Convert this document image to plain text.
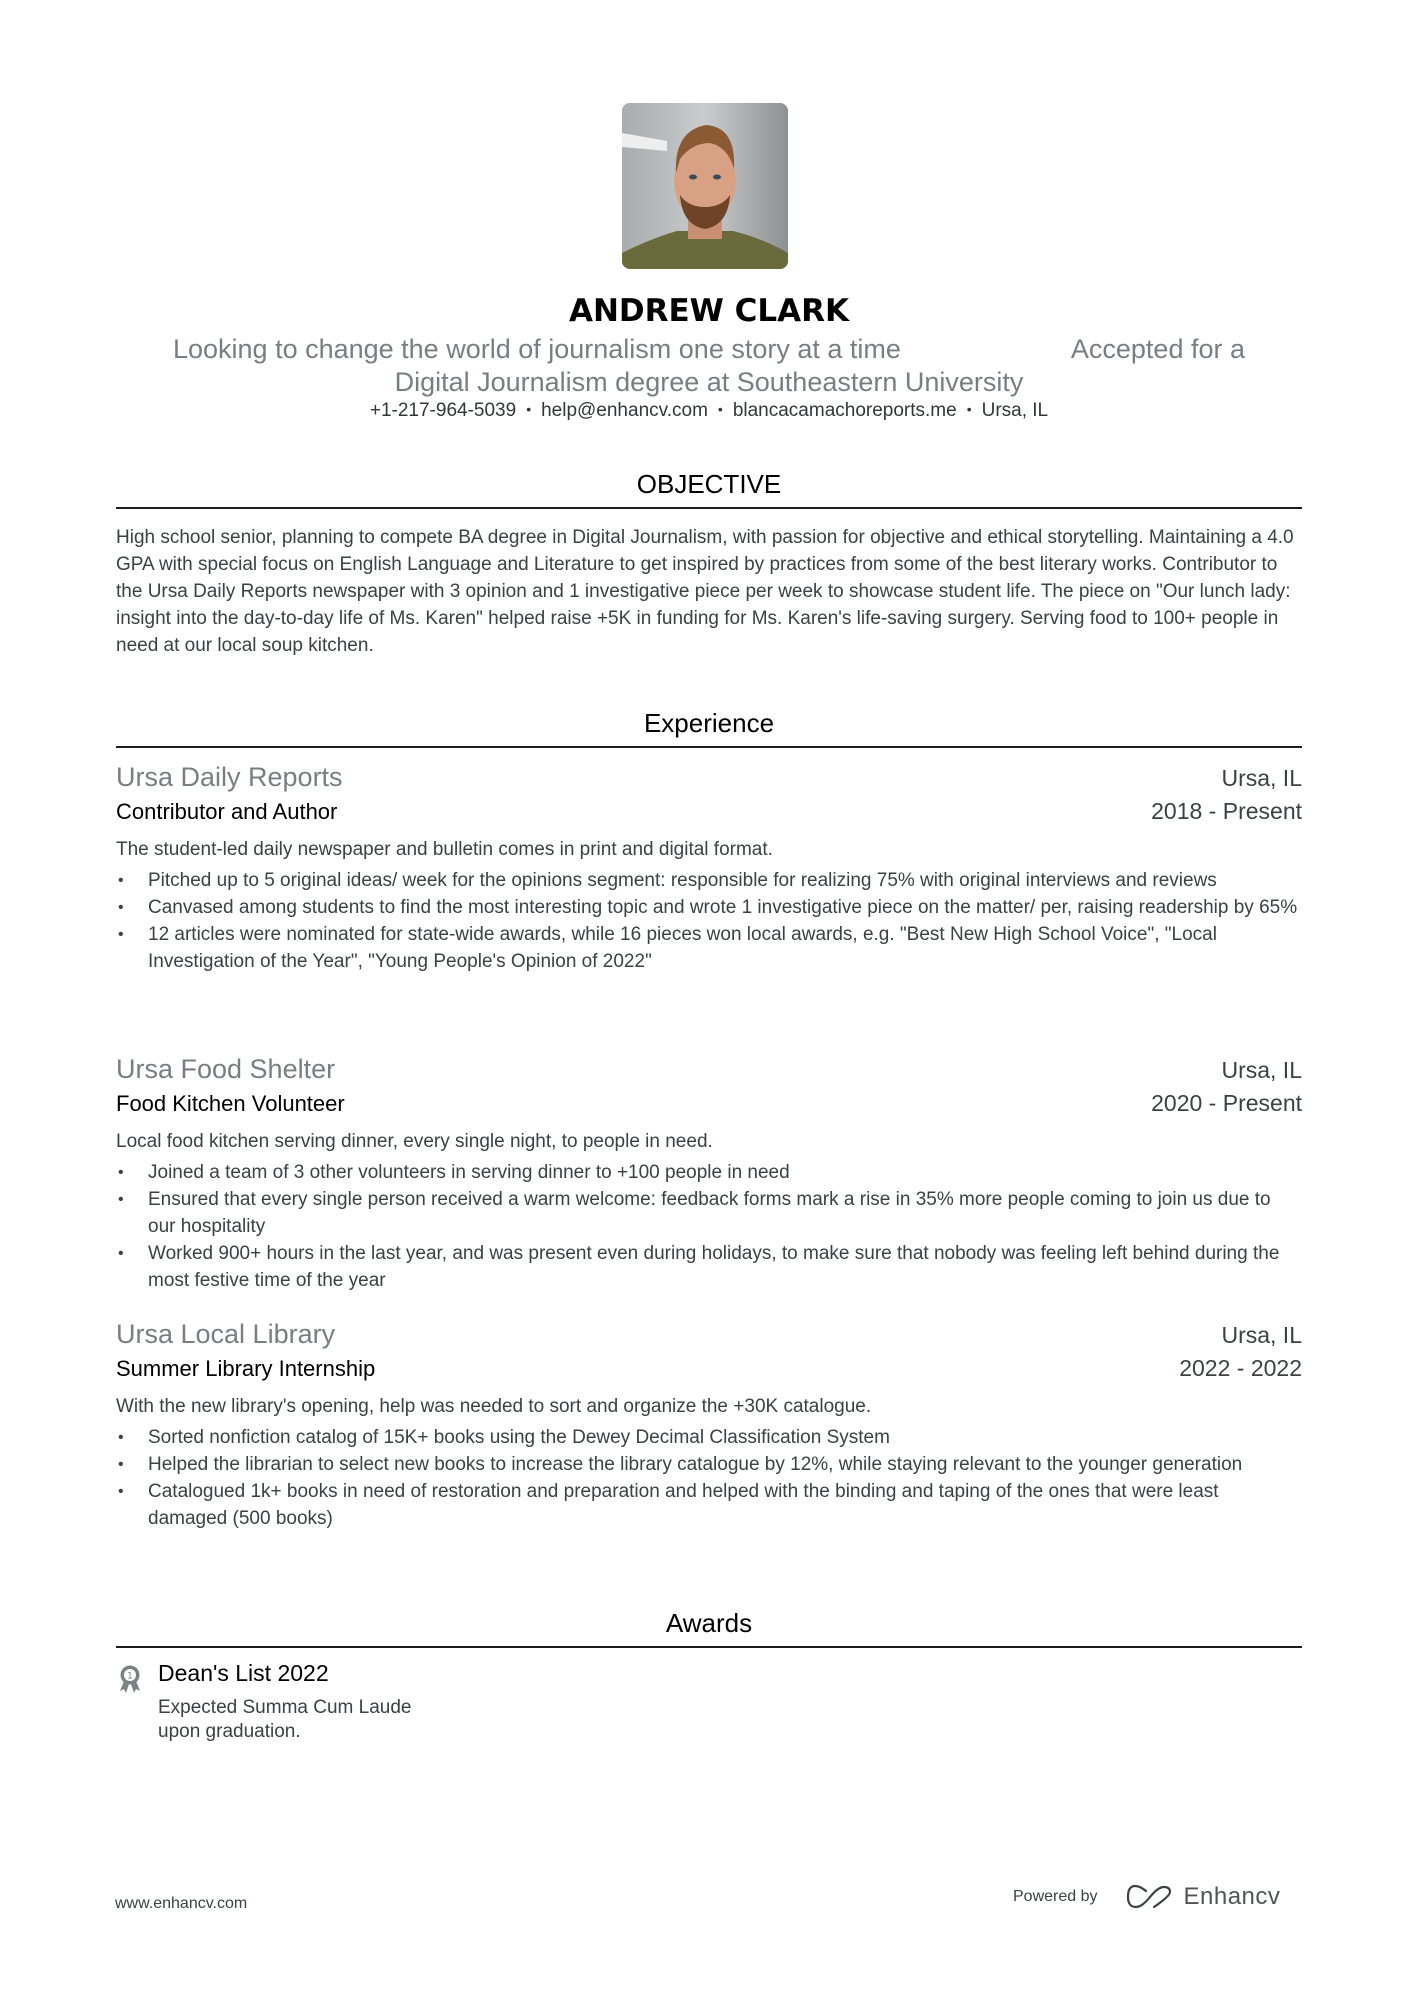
ANDREW CLARK
Looking to change the world of journalism one story at a time	Accepted for a
Digital Journalism degree at Southeastern University
+1-217-964-5039 • help@enhancv.com • blancacamachoreports.me • Ursa, IL
OBJECTIVE
High school senior, planning to compete BA degree in Digital Journalism, with passion for objective and ethical storytelling. Maintaining a 4.0 GPA with special focus on English Language and Literature to get inspired by practices from some of the best literary works. Contributor to the Ursa Daily Reports newspaper with 3 opinion and 1 investigative piece per week to showcase student life. The piece on "Our lunch lady: insight into the day-to-day life of Ms. Karen" helped raise +5K in funding for Ms. Karen's life-saving surgery. Serving food to 100+ people in need at our local soup kitchen.
Experience
Ursa Daily Reports	Ursa, IL
Contributor and Author	2018 - Present
The student-led daily newspaper and bulletin comes in print and digital format.
• Pitched up to 5 original ideas/ week for the opinions segment: responsible for realizing 75% with original interviews and reviews
• Canvased among students to find the most interesting topic and wrote 1 investigative piece on the matter/ per, raising readership by 65%
• 12 articles were nominated for state-wide awards, while 16 pieces won local awards, e.g. "Best New High School Voice", "Local Investigation of the Year", "Young People's Opinion of 2022"
Ursa Food Shelter	Ursa, IL
Food Kitchen Volunteer	2020 - Present
Local food kitchen serving dinner, every single night, to people in need.
• Joined a team of 3 other volunteers in serving dinner to +100 people in need
• Ensured that every single person received a warm welcome: feedback forms mark a rise in 35% more people coming to join us due to our hospitality
• Worked 900+ hours in the last year, and was present even during holidays, to make sure that nobody was feeling left behind during the most festive time of the year
Ursa Local Library	Ursa, IL
Summer Library Internship	2022 - 2022
With the new library's opening, help was needed to sort and organize the +30K catalogue.
• Sorted nonfiction catalog of 15K+ books using the Dewey Decimal Classification System
• Helped the librarian to select new books to increase the library catalogue by 12%, while staying relevant to the younger generation
• Catalogued 1k+ books in need of restoration and preparation and helped with the binding and taping of the ones that were least damaged (500 books)
Awards
1 Dean's List 2022
Expected Summa Cum Laude upon graduation.
www.enhancv.com	Powered by	Enhancv
